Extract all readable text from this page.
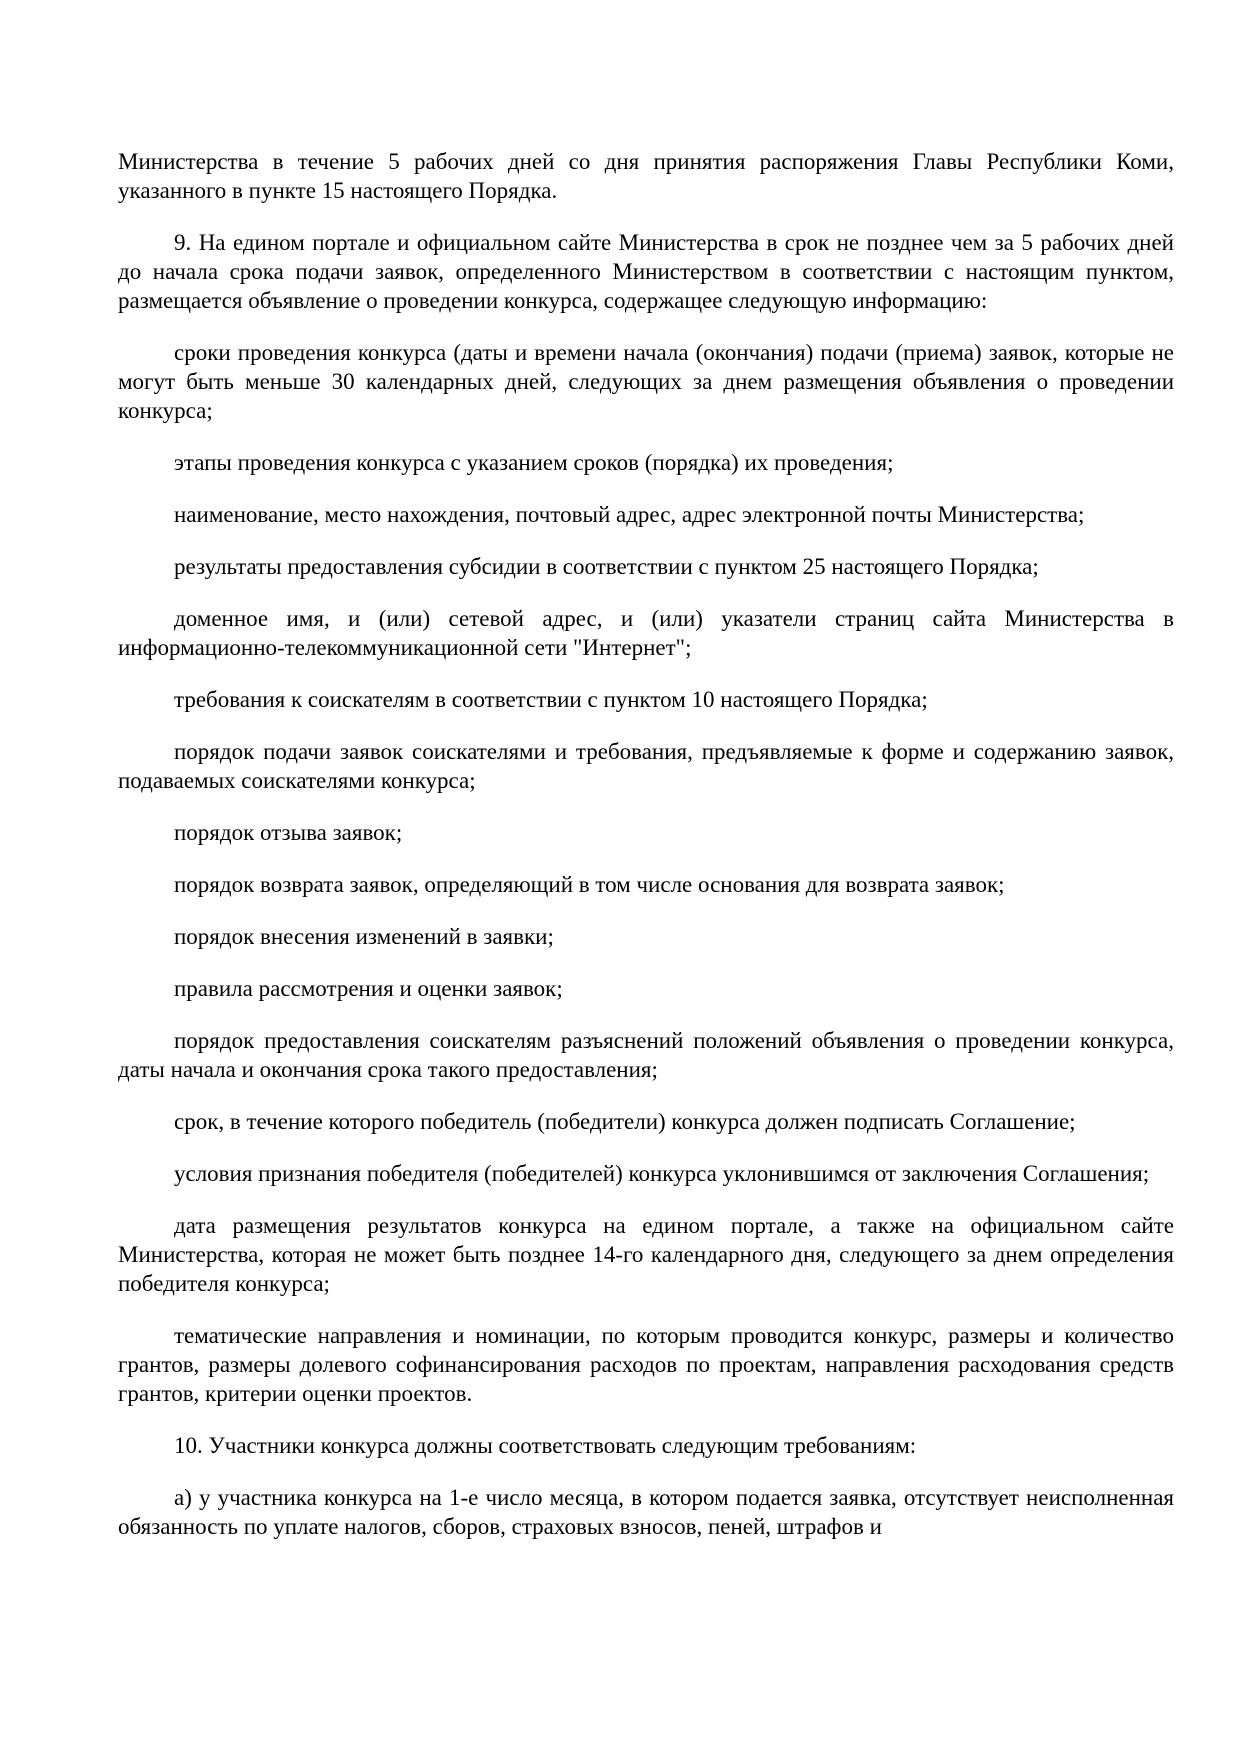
Министерства в течение 5 рабочих дней со дня принятия распоряжения Главы Республики Коми, указанного в пункте 15 настоящего Порядка.

9. На едином портале и официальном сайте Министерства в срок не позднее чем за 5 рабочих дней до начала срока подачи заявок, определенного Министерством в соответствии с настоящим пунктом, размещается объявление о проведении конкурса, содержащее следующую информацию:

сроки проведения конкурса (даты и времени начала (окончания) подачи (приема) заявок, которые не могут быть меньше 30 календарных дней, следующих за днем размещения объявления о проведении конкурса;

этапы проведения конкурса с указанием сроков (порядка) их проведения;

наименование, место нахождения, почтовый адрес, адрес электронной почты Министерства;

результаты предоставления субсидии в соответствии с пунктом 25 настоящего Порядка;

доменное имя, и (или) сетевой адрес, и (или) указатели страниц сайта Министерства в информационно-телекоммуникационной сети "Интернет";

требования к соискателям в соответствии с пунктом 10 настоящего Порядка;

порядок подачи заявок соискателями и требования, предъявляемые к форме и содержанию заявок, подаваемых соискателями конкурса;

порядок отзыва заявок;

порядок возврата заявок, определяющий в том числе основания для возврата заявок;

порядок внесения изменений в заявки;

правила рассмотрения и оценки заявок;

порядок предоставления соискателям разъяснений положений объявления о проведении конкурса, даты начала и окончания срока такого предоставления;

срок, в течение которого победитель (победители) конкурса должен подписать Соглашение;

условия признания победителя (победителей) конкурса уклонившимся от заключения Соглашения;

дата размещения результатов конкурса на едином портале, а также на официальном сайте Министерства, которая не может быть позднее 14-го календарного дня, следующего за днем определения победителя конкурса;

тематические направления и номинации, по которым проводится конкурс, размеры и количество грантов, размеры долевого софинансирования расходов по проектам, направления расходования средств грантов, критерии оценки проектов.

10. Участники конкурса должны соответствовать следующим требованиям:

а) у участника конкурса на 1-е число месяца, в котором подается заявка, отсутствует неисполненная обязанность по уплате налогов, сборов, страховых взносов, пеней, штрафов и
